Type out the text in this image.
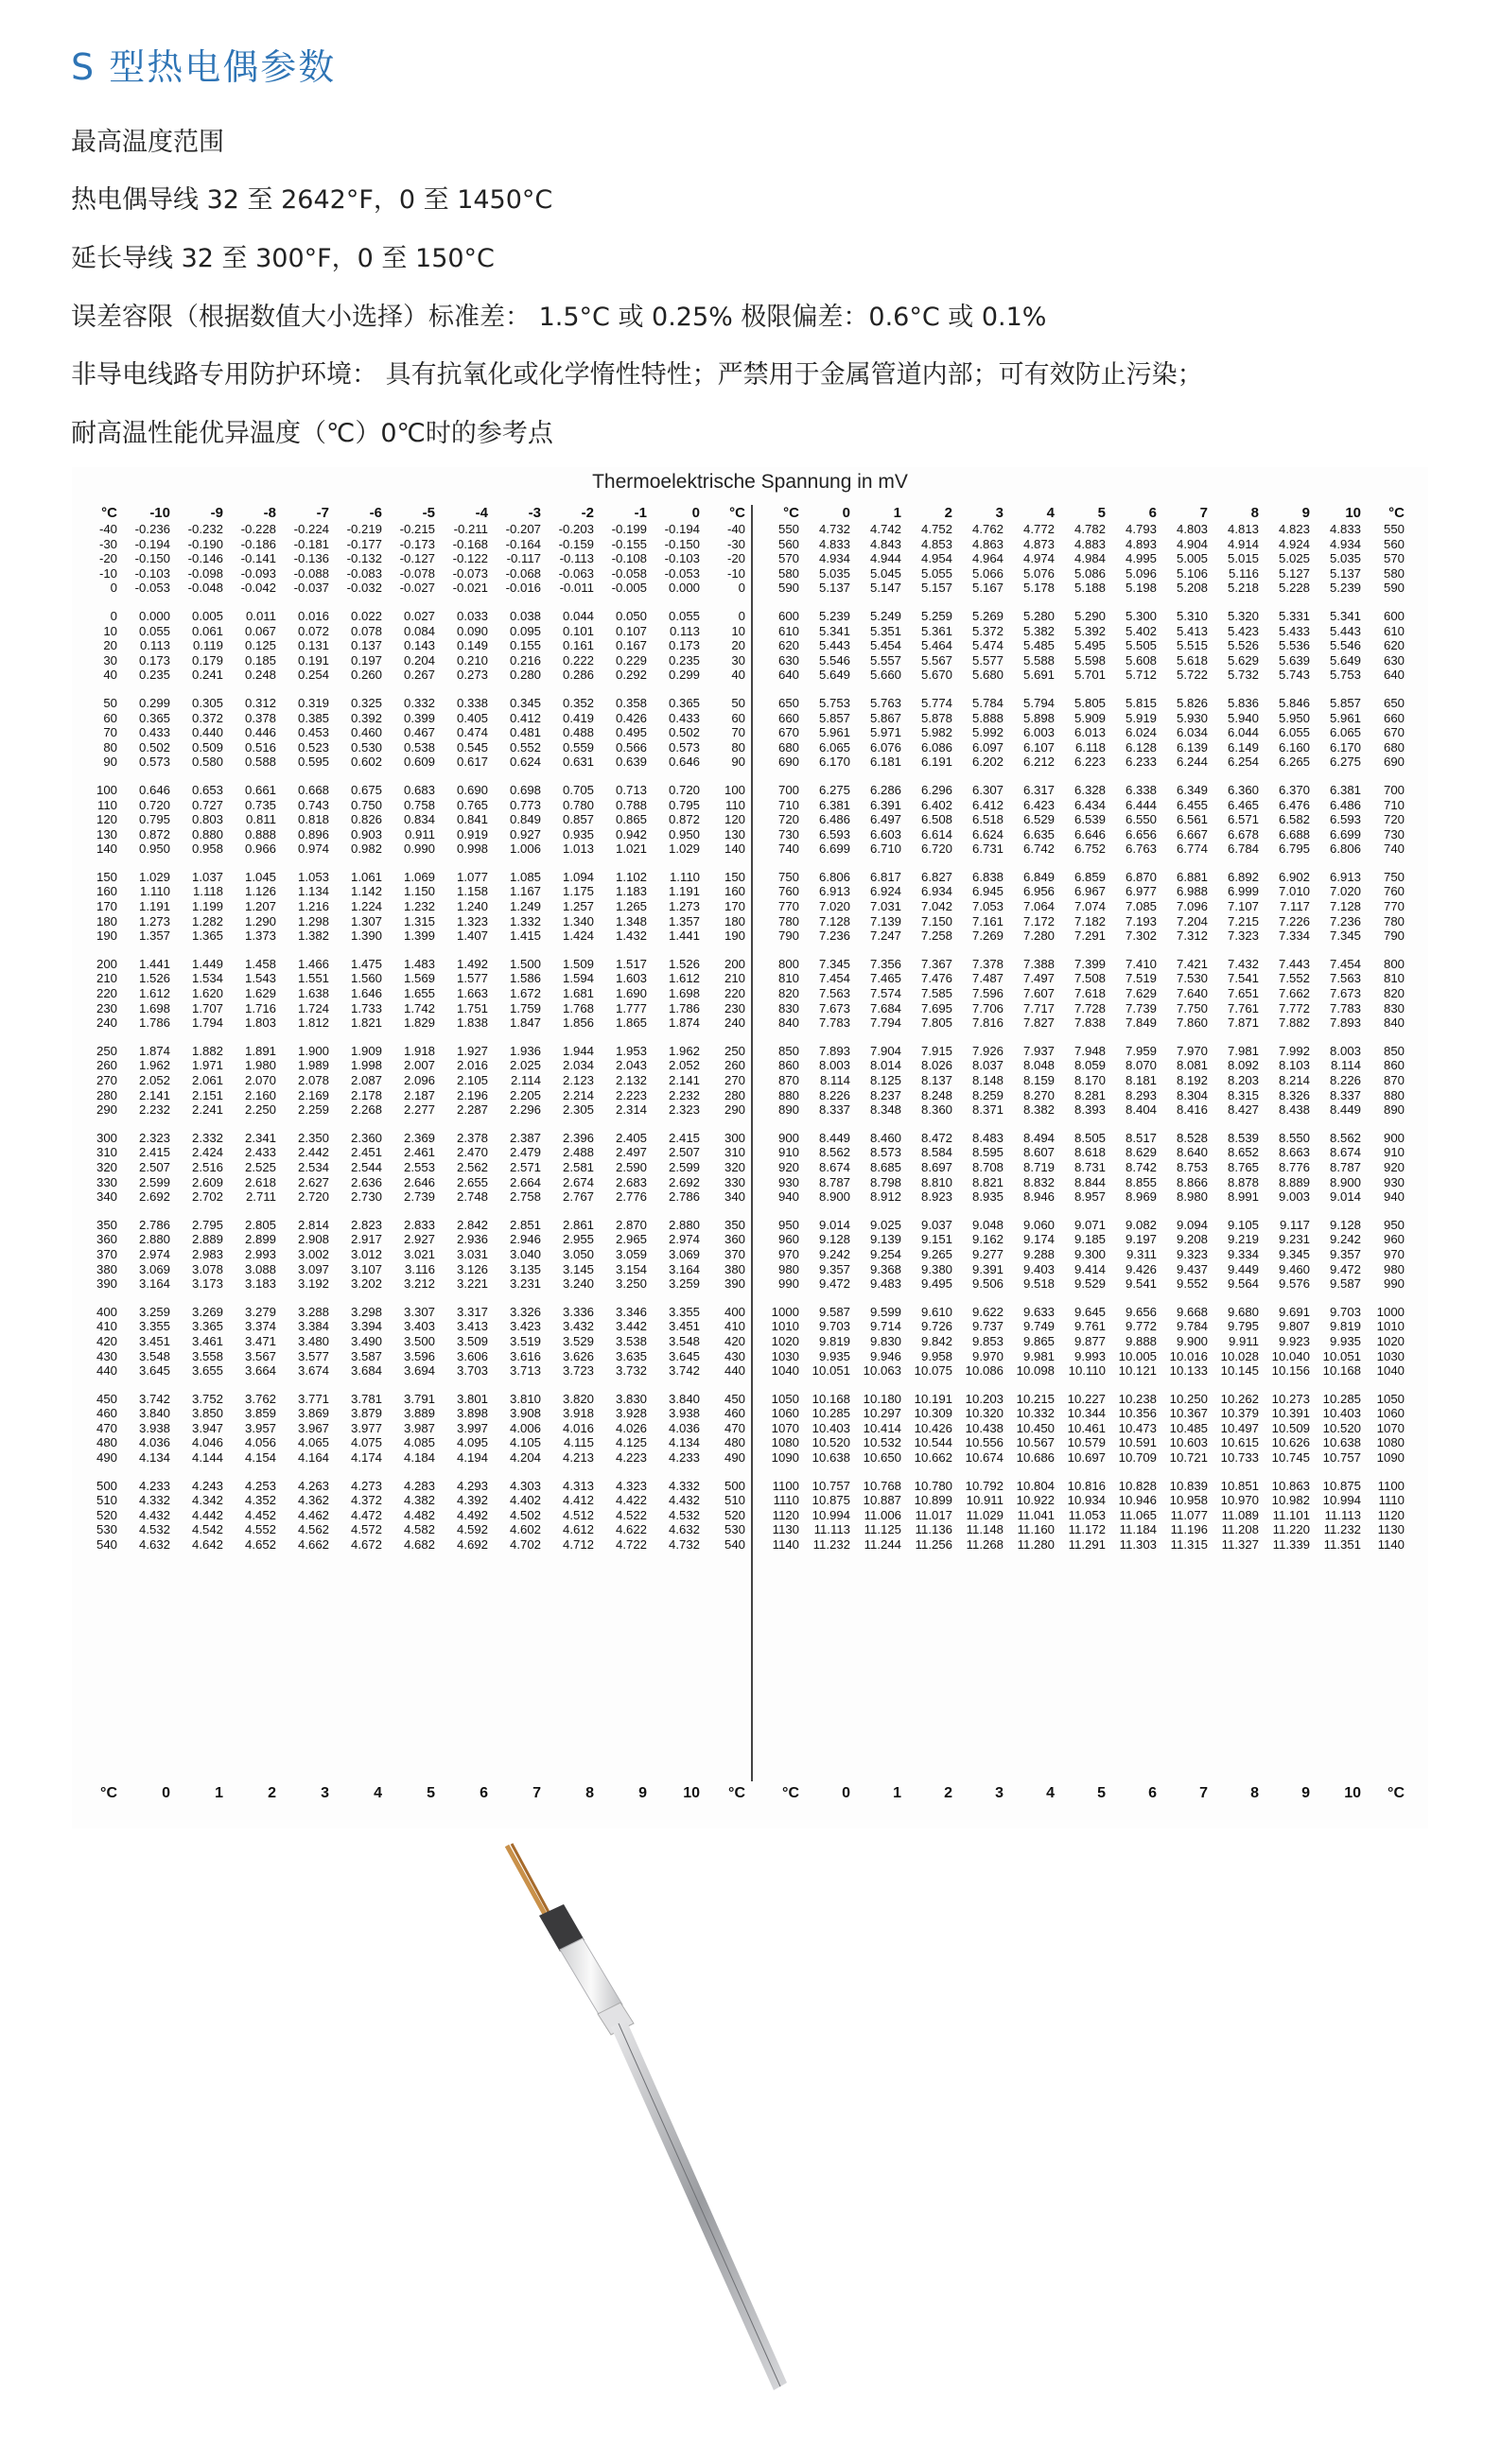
S 型热电偶参数
最高温度范围
热电偶导线 32 至 2642°F，0 至 1450°C
延长导线 32 至 300°F，0 至 150°C
误差容限（根据数值大小选择）标准差： 1.5°C 或 0.25% 极限偏差：0.6°C 或 0.1%
非导电线路专用防护环境： 具有抗氧化或化学惰性特性；严禁用于金属管道内部；可有效防止污染；
耐高温性能优异温度（℃）0℃时的参考点
Thermoelektrische Spannung in mV
°C	-10	-9	-8	-7	-6	-5	-4	-3	-2	-1	0	°C
-40	-0.236	-0.232	-0.228	-0.224	-0.219	-0.215	-0.211	-0.207	-0.203	-0.199	-0.194	-40
-30	-0.194	-0.190	-0.186	-0.181	-0.177	-0.173	-0.168	-0.164	-0.159	-0.155	-0.150	-30
-20	-0.150	-0.146	-0.141	-0.136	-0.132	-0.127	-0.122	-0.117	-0.113	-0.108	-0.103	-20
-10	-0.103	-0.098	-0.093	-0.088	-0.083	-0.078	-0.073	-0.068	-0.063	-0.058	-0.053	-10
0	-0.053	-0.048	-0.042	-0.037	-0.032	-0.027	-0.021	-0.016	-0.011	-0.005	0.000	0

0	0.000	0.005	0.011	0.016	0.022	0.027	0.033	0.038	0.044	0.050	0.055	0
10	0.055	0.061	0.067	0.072	0.078	0.084	0.090	0.095	0.101	0.107	0.113	10
20	0.113	0.119	0.125	0.131	0.137	0.143	0.149	0.155	0.161	0.167	0.173	20
30	0.173	0.179	0.185	0.191	0.197	0.204	0.210	0.216	0.222	0.229	0.235	30
40	0.235	0.241	0.248	0.254	0.260	0.267	0.273	0.280	0.286	0.292	0.299	40

50	0.299	0.305	0.312	0.319	0.325	0.332	0.338	0.345	0.352	0.358	0.365	50
60	0.365	0.372	0.378	0.385	0.392	0.399	0.405	0.412	0.419	0.426	0.433	60
70	0.433	0.440	0.446	0.453	0.460	0.467	0.474	0.481	0.488	0.495	0.502	70
80	0.502	0.509	0.516	0.523	0.530	0.538	0.545	0.552	0.559	0.566	0.573	80
90	0.573	0.580	0.588	0.595	0.602	0.609	0.617	0.624	0.631	0.639	0.646	90

100	0.646	0.653	0.661	0.668	0.675	0.683	0.690	0.698	0.705	0.713	0.720	100
110	0.720	0.727	0.735	0.743	0.750	0.758	0.765	0.773	0.780	0.788	0.795	110
120	0.795	0.803	0.811	0.818	0.826	0.834	0.841	0.849	0.857	0.865	0.872	120
130	0.872	0.880	0.888	0.896	0.903	0.911	0.919	0.927	0.935	0.942	0.950	130
140	0.950	0.958	0.966	0.974	0.982	0.990	0.998	1.006	1.013	1.021	1.029	140

150	1.029	1.037	1.045	1.053	1.061	1.069	1.077	1.085	1.094	1.102	1.110	150
160	1.110	1.118	1.126	1.134	1.142	1.150	1.158	1.167	1.175	1.183	1.191	160
170	1.191	1.199	1.207	1.216	1.224	1.232	1.240	1.249	1.257	1.265	1.273	170
180	1.273	1.282	1.290	1.298	1.307	1.315	1.323	1.332	1.340	1.348	1.357	180
190	1.357	1.365	1.373	1.382	1.390	1.399	1.407	1.415	1.424	1.432	1.441	190

200	1.441	1.449	1.458	1.466	1.475	1.483	1.492	1.500	1.509	1.517	1.526	200
210	1.526	1.534	1.543	1.551	1.560	1.569	1.577	1.586	1.594	1.603	1.612	210
220	1.612	1.620	1.629	1.638	1.646	1.655	1.663	1.672	1.681	1.690	1.698	220
230	1.698	1.707	1.716	1.724	1.733	1.742	1.751	1.759	1.768	1.777	1.786	230
240	1.786	1.794	1.803	1.812	1.821	1.829	1.838	1.847	1.856	1.865	1.874	240

250	1.874	1.882	1.891	1.900	1.909	1.918	1.927	1.936	1.944	1.953	1.962	250
260	1.962	1.971	1.980	1.989	1.998	2.007	2.016	2.025	2.034	2.043	2.052	260
270	2.052	2.061	2.070	2.078	2.087	2.096	2.105	2.114	2.123	2.132	2.141	270
280	2.141	2.151	2.160	2.169	2.178	2.187	2.196	2.205	2.214	2.223	2.232	280
290	2.232	2.241	2.250	2.259	2.268	2.277	2.287	2.296	2.305	2.314	2.323	290

300	2.323	2.332	2.341	2.350	2.360	2.369	2.378	2.387	2.396	2.405	2.415	300
310	2.415	2.424	2.433	2.442	2.451	2.461	2.470	2.479	2.488	2.497	2.507	310
320	2.507	2.516	2.525	2.534	2.544	2.553	2.562	2.571	2.581	2.590	2.599	320
330	2.599	2.609	2.618	2.627	2.636	2.646	2.655	2.664	2.674	2.683	2.692	330
340	2.692	2.702	2.711	2.720	2.730	2.739	2.748	2.758	2.767	2.776	2.786	340

350	2.786	2.795	2.805	2.814	2.823	2.833	2.842	2.851	2.861	2.870	2.880	350
360	2.880	2.889	2.899	2.908	2.917	2.927	2.936	2.946	2.955	2.965	2.974	360
370	2.974	2.983	2.993	3.002	3.012	3.021	3.031	3.040	3.050	3.059	3.069	370
380	3.069	3.078	3.088	3.097	3.107	3.116	3.126	3.135	3.145	3.154	3.164	380
390	3.164	3.173	3.183	3.192	3.202	3.212	3.221	3.231	3.240	3.250	3.259	390

400	3.259	3.269	3.279	3.288	3.298	3.307	3.317	3.326	3.336	3.346	3.355	400
410	3.355	3.365	3.374	3.384	3.394	3.403	3.413	3.423	3.432	3.442	3.451	410
420	3.451	3.461	3.471	3.480	3.490	3.500	3.509	3.519	3.529	3.538	3.548	420
430	3.548	3.558	3.567	3.577	3.587	3.596	3.606	3.616	3.626	3.635	3.645	430
440	3.645	3.655	3.664	3.674	3.684	3.694	3.703	3.713	3.723	3.732	3.742	440

450	3.742	3.752	3.762	3.771	3.781	3.791	3.801	3.810	3.820	3.830	3.840	450
460	3.840	3.850	3.859	3.869	3.879	3.889	3.898	3.908	3.918	3.928	3.938	460
470	3.938	3.947	3.957	3.967	3.977	3.987	3.997	4.006	4.016	4.026	4.036	470
480	4.036	4.046	4.056	4.065	4.075	4.085	4.095	4.105	4.115	4.125	4.134	480
490	4.134	4.144	4.154	4.164	4.174	4.184	4.194	4.204	4.213	4.223	4.233	490

500	4.233	4.243	4.253	4.263	4.273	4.283	4.293	4.303	4.313	4.323	4.332	500
510	4.332	4.342	4.352	4.362	4.372	4.382	4.392	4.402	4.412	4.422	4.432	510
520	4.432	4.442	4.452	4.462	4.472	4.482	4.492	4.502	4.512	4.522	4.532	520
530	4.532	4.542	4.552	4.562	4.572	4.582	4.592	4.602	4.612	4.622	4.632	530
540	4.632	4.642	4.652	4.662	4.672	4.682	4.692	4.702	4.712	4.722	4.732	540
°C	0	1	2	3	4	5	6	7	8	9	10	°C
550	4.732	4.742	4.752	4.762	4.772	4.782	4.793	4.803	4.813	4.823	4.833	550
560	4.833	4.843	4.853	4.863	4.873	4.883	4.893	4.904	4.914	4.924	4.934	560
570	4.934	4.944	4.954	4.964	4.974	4.984	4.995	5.005	5.015	5.025	5.035	570
580	5.035	5.045	5.055	5.066	5.076	5.086	5.096	5.106	5.116	5.127	5.137	580
590	5.137	5.147	5.157	5.167	5.178	5.188	5.198	5.208	5.218	5.228	5.239	590

600	5.239	5.249	5.259	5.269	5.280	5.290	5.300	5.310	5.320	5.331	5.341	600
610	5.341	5.351	5.361	5.372	5.382	5.392	5.402	5.413	5.423	5.433	5.443	610
620	5.443	5.454	5.464	5.474	5.485	5.495	5.505	5.515	5.526	5.536	5.546	620
630	5.546	5.557	5.567	5.577	5.588	5.598	5.608	5.618	5.629	5.639	5.649	630
640	5.649	5.660	5.670	5.680	5.691	5.701	5.712	5.722	5.732	5.743	5.753	640

650	5.753	5.763	5.774	5.784	5.794	5.805	5.815	5.826	5.836	5.846	5.857	650
660	5.857	5.867	5.878	5.888	5.898	5.909	5.919	5.930	5.940	5.950	5.961	660
670	5.961	5.971	5.982	5.992	6.003	6.013	6.024	6.034	6.044	6.055	6.065	670
680	6.065	6.076	6.086	6.097	6.107	6.118	6.128	6.139	6.149	6.160	6.170	680
690	6.170	6.181	6.191	6.202	6.212	6.223	6.233	6.244	6.254	6.265	6.275	690

700	6.275	6.286	6.296	6.307	6.317	6.328	6.338	6.349	6.360	6.370	6.381	700
710	6.381	6.391	6.402	6.412	6.423	6.434	6.444	6.455	6.465	6.476	6.486	710
720	6.486	6.497	6.508	6.518	6.529	6.539	6.550	6.561	6.571	6.582	6.593	720
730	6.593	6.603	6.614	6.624	6.635	6.646	6.656	6.667	6.678	6.688	6.699	730
740	6.699	6.710	6.720	6.731	6.742	6.752	6.763	6.774	6.784	6.795	6.806	740

750	6.806	6.817	6.827	6.838	6.849	6.859	6.870	6.881	6.892	6.902	6.913	750
760	6.913	6.924	6.934	6.945	6.956	6.967	6.977	6.988	6.999	7.010	7.020	760
770	7.020	7.031	7.042	7.053	7.064	7.074	7.085	7.096	7.107	7.117	7.128	770
780	7.128	7.139	7.150	7.161	7.172	7.182	7.193	7.204	7.215	7.226	7.236	780
790	7.236	7.247	7.258	7.269	7.280	7.291	7.302	7.312	7.323	7.334	7.345	790

800	7.345	7.356	7.367	7.378	7.388	7.399	7.410	7.421	7.432	7.443	7.454	800
810	7.454	7.465	7.476	7.487	7.497	7.508	7.519	7.530	7.541	7.552	7.563	810
820	7.563	7.574	7.585	7.596	7.607	7.618	7.629	7.640	7.651	7.662	7.673	820
830	7.673	7.684	7.695	7.706	7.717	7.728	7.739	7.750	7.761	7.772	7.783	830
840	7.783	7.794	7.805	7.816	7.827	7.838	7.849	7.860	7.871	7.882	7.893	840

850	7.893	7.904	7.915	7.926	7.937	7.948	7.959	7.970	7.981	7.992	8.003	850
860	8.003	8.014	8.026	8.037	8.048	8.059	8.070	8.081	8.092	8.103	8.114	860
870	8.114	8.125	8.137	8.148	8.159	8.170	8.181	8.192	8.203	8.214	8.226	870
880	8.226	8.237	8.248	8.259	8.270	8.281	8.293	8.304	8.315	8.326	8.337	880
890	8.337	8.348	8.360	8.371	8.382	8.393	8.404	8.416	8.427	8.438	8.449	890

900	8.449	8.460	8.472	8.483	8.494	8.505	8.517	8.528	8.539	8.550	8.562	900
910	8.562	8.573	8.584	8.595	8.607	8.618	8.629	8.640	8.652	8.663	8.674	910
920	8.674	8.685	8.697	8.708	8.719	8.731	8.742	8.753	8.765	8.776	8.787	920
930	8.787	8.798	8.810	8.821	8.832	8.844	8.855	8.866	8.878	8.889	8.900	930
940	8.900	8.912	8.923	8.935	8.946	8.957	8.969	8.980	8.991	9.003	9.014	940

950	9.014	9.025	9.037	9.048	9.060	9.071	9.082	9.094	9.105	9.117	9.128	950
960	9.128	9.139	9.151	9.162	9.174	9.185	9.197	9.208	9.219	9.231	9.242	960
970	9.242	9.254	9.265	9.277	9.288	9.300	9.311	9.323	9.334	9.345	9.357	970
980	9.357	9.368	9.380	9.391	9.403	9.414	9.426	9.437	9.449	9.460	9.472	980
990	9.472	9.483	9.495	9.506	9.518	9.529	9.541	9.552	9.564	9.576	9.587	990

1000	9.587	9.599	9.610	9.622	9.633	9.645	9.656	9.668	9.680	9.691	9.703	1000
1010	9.703	9.714	9.726	9.737	9.749	9.761	9.772	9.784	9.795	9.807	9.819	1010
1020	9.819	9.830	9.842	9.853	9.865	9.877	9.888	9.900	9.911	9.923	9.935	1020
1030	9.935	9.946	9.958	9.970	9.981	9.993	10.005	10.016	10.028	10.040	10.051	1030
1040	10.051	10.063	10.075	10.086	10.098	10.110	10.121	10.133	10.145	10.156	10.168	1040

1050	10.168	10.180	10.191	10.203	10.215	10.227	10.238	10.250	10.262	10.273	10.285	1050
1060	10.285	10.297	10.309	10.320	10.332	10.344	10.356	10.367	10.379	10.391	10.403	1060
1070	10.403	10.414	10.426	10.438	10.450	10.461	10.473	10.485	10.497	10.509	10.520	1070
1080	10.520	10.532	10.544	10.556	10.567	10.579	10.591	10.603	10.615	10.626	10.638	1080
1090	10.638	10.650	10.662	10.674	10.686	10.697	10.709	10.721	10.733	10.745	10.757	1090

1100	10.757	10.768	10.780	10.792	10.804	10.816	10.828	10.839	10.851	10.863	10.875	1100
1110	10.875	10.887	10.899	10.911	10.922	10.934	10.946	10.958	10.970	10.982	10.994	1110
1120	10.994	11.006	11.017	11.029	11.041	11.053	11.065	11.077	11.089	11.101	11.113	1120
1130	11.113	11.125	11.136	11.148	11.160	11.172	11.184	11.196	11.208	11.220	11.232	1130
1140	11.232	11.244	11.256	11.268	11.280	11.291	11.303	11.315	11.327	11.339	11.351	1140
°C	0	1	2	3	4	5	6	7	8	9	10	°C °C	0	1	2	3	4	5	6	7	8	9	10	°C
